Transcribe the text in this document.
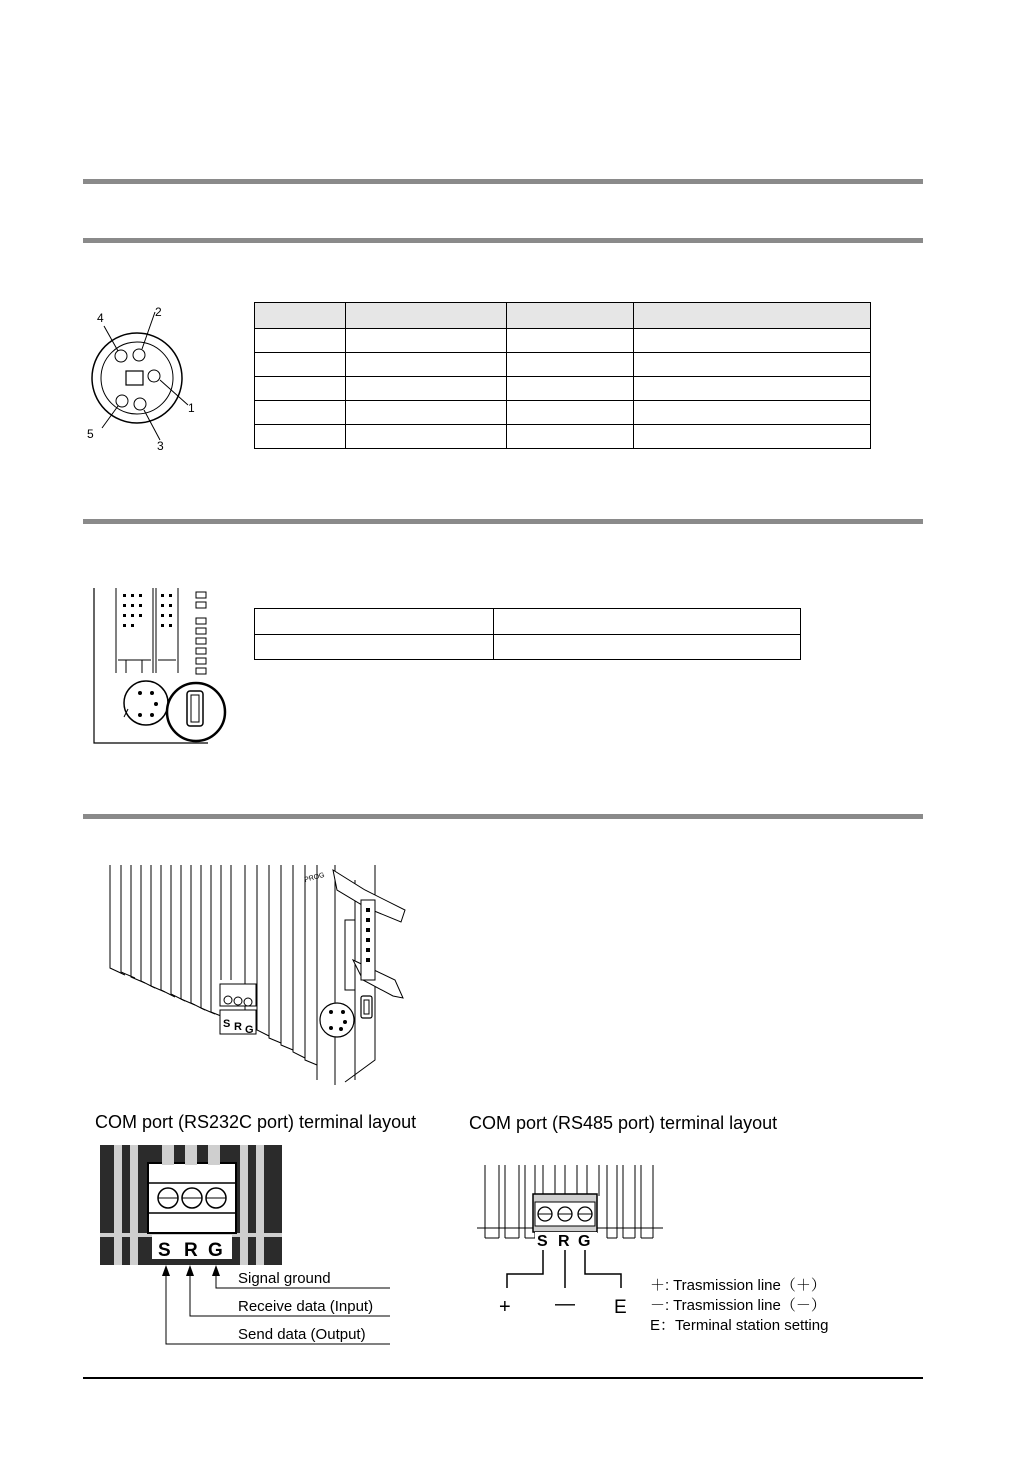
2
4
1
5
3

S R G
PROG
COM port (RS232C port) terminal layout
S R G
Signal ground
Receive data (Input)
Send data (Output)
COM port (RS485 port) terminal layout
S R G
+ — E
＋: Trasmission line（＋）
－: Trasmission line（－）
E：Terminal station setting
